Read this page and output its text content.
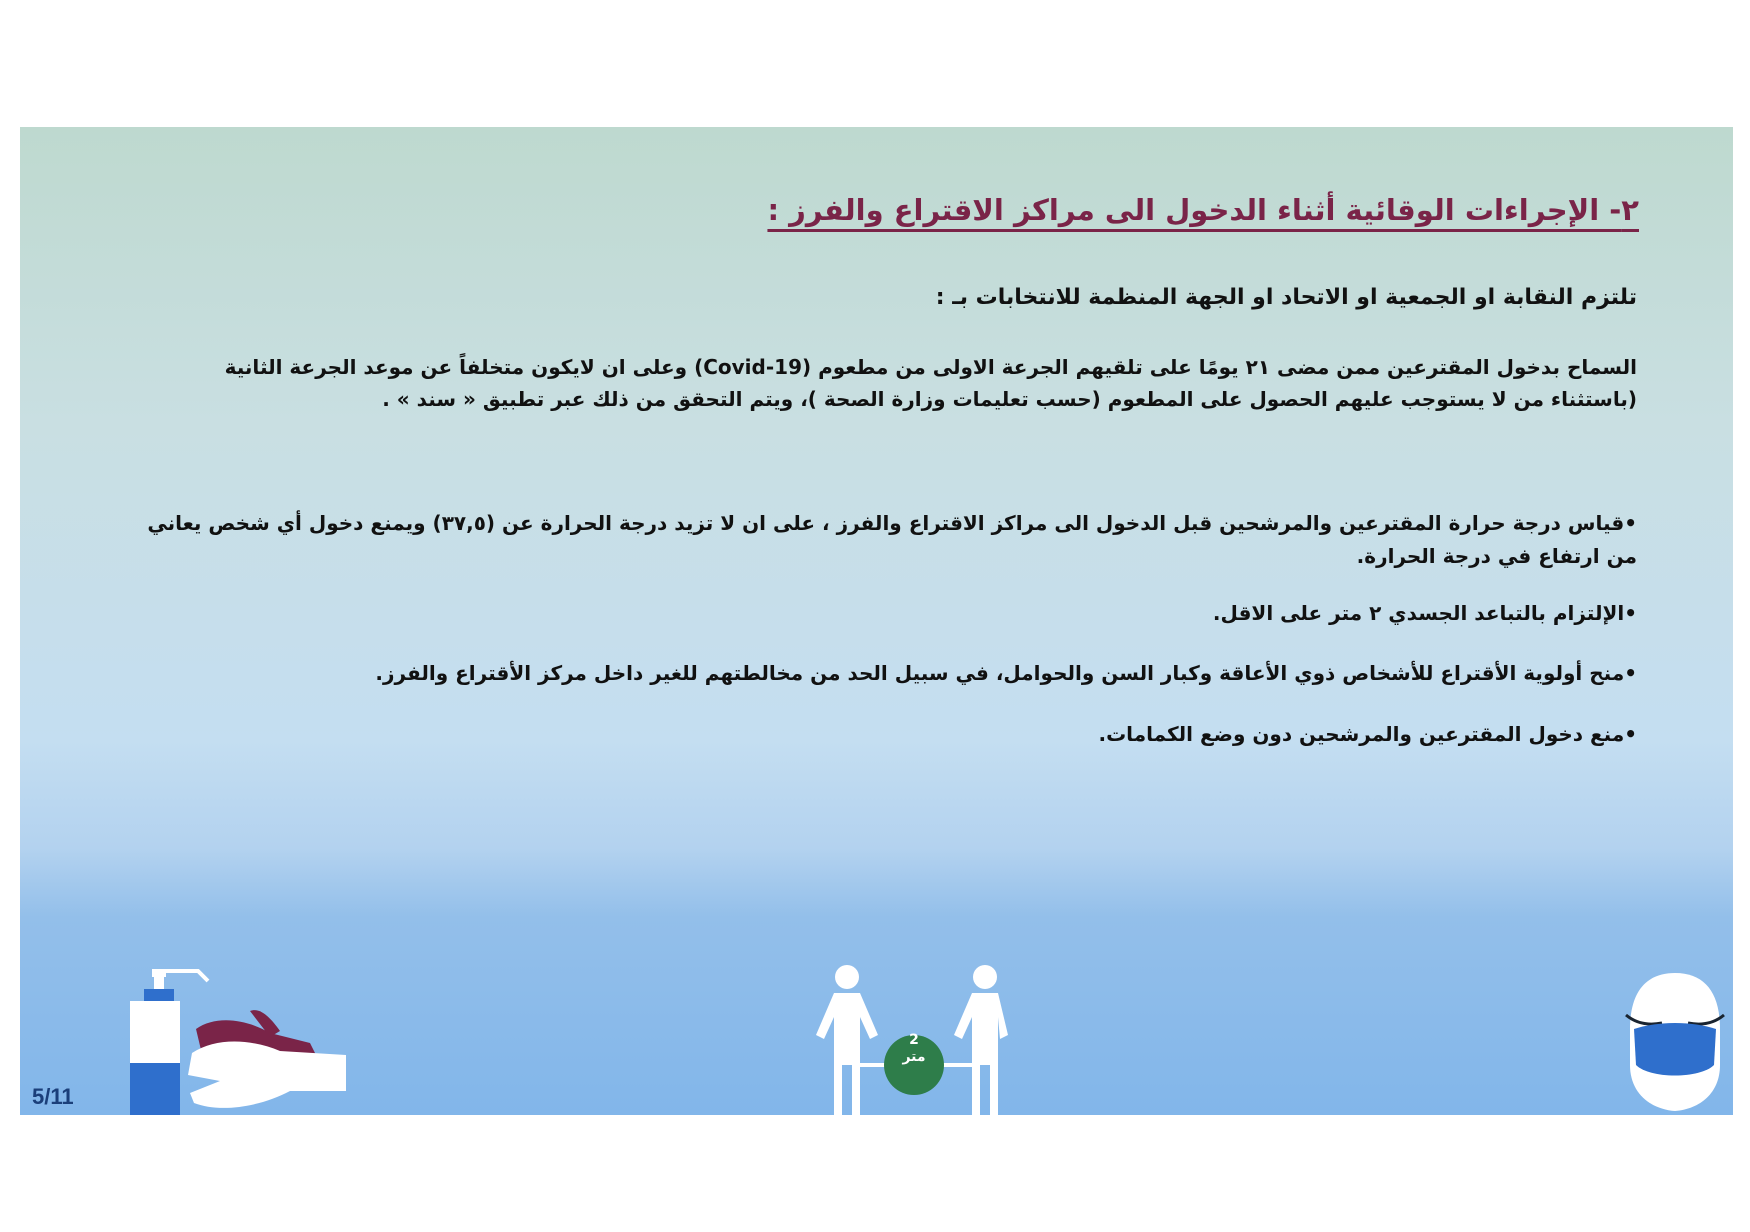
٢- الإجراءات الوقائية أثناء الدخول الى مراكز الاقتراع والفرز :
تلتزم النقابة او الجمعية او الاتحاد او الجهة المنظمة للانتخابات بـ :
السماح بدخول المقترعين ممن مضى ٢١ يومًا على تلقيهم الجرعة الاولى من مطعوم (Covid-19) وعلى ان لايكون متخلفاً عن موعد الجرعة الثانية (باستثناء من لا يستوجب عليهم الحصول على المطعوم (حسب تعليمات وزارة الصحة )، ويتم التحقق من ذلك عبر تطبيق « سند » .
•قياس درجة حرارة المقترعين والمرشحين قبل الدخول الى مراكز الاقتراع والفرز ، على ان لا تزيد درجة الحرارة عن (٣٧,٥) ويمنع دخول أي شخص يعاني من ارتفاع في درجة الحرارة.
•الإلتزام بالتباعد الجسدي ٢ متر على الاقل.
•منح أولوية الأقتراع للأشخاص ذوي الأعاقة وكبار السن والحوامل، في سبيل الحد من مخالطتهم للغير داخل مركز الأقتراع والفرز.
•منع دخول المقترعين والمرشحين دون وضع الكمامات.
5/11
2
متر
